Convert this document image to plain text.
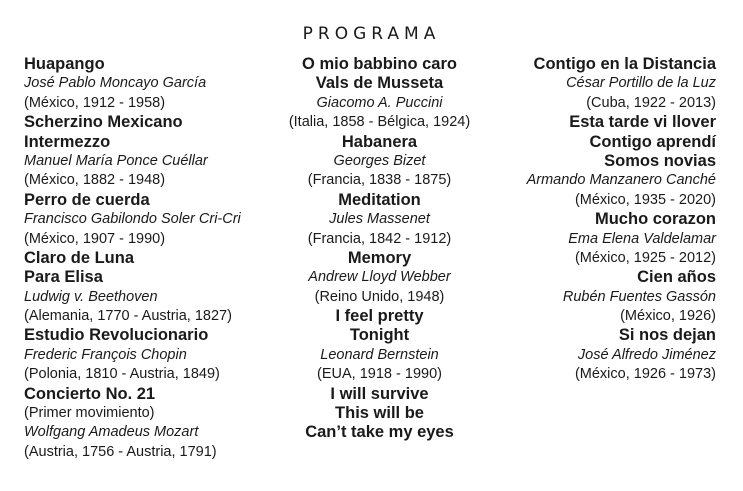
PROGRAMA
Huapango
José Pablo Moncayo García
(México, 1912 - 1958)
Scherzino Mexicano
Intermezzo
Manuel María Ponce Cuéllar
(México, 1882 - 1948)
Perro de cuerda
Francisco Gabilondo Soler Cri-Cri
(México, 1907 - 1990)
Claro de Luna
Para Elisa
Ludwig v. Beethoven
(Alemania, 1770 - Austria, 1827)
Estudio Revolucionario
Frederic François Chopin
(Polonia, 1810 - Austria, 1849)
Concierto No. 21
(Primer movimiento)
Wolfgang Amadeus Mozart
(Austria, 1756 - Austria, 1791)
O mio babbino caro
Vals de Musseta
Giacomo A. Puccini
(Italia, 1858 - Bélgica, 1924)
Habanera
Georges Bizet
(Francia, 1838 - 1875)
Meditation
Jules Massenet
(Francia, 1842 - 1912)
Memory
Andrew Lloyd Webber
(Reino Unido, 1948)
I feel pretty
Tonight
Leonard Bernstein
(EUA, 1918 - 1990)
I will survive
This will be
Can’t take my eyes
Contigo en la Distancia
César Portillo de la Luz
(Cuba, 1922 - 2013)
Esta tarde vi llover
Contigo aprendí
Somos novias
Armando Manzanero Canché
(México, 1935 - 2020)
Mucho corazon
Ema Elena Valdelamar
(México, 1925 - 2012)
Cien años
Rubén Fuentes Gassón
(México, 1926)
Si nos dejan
José Alfredo Jiménez
(México, 1926 - 1973)
